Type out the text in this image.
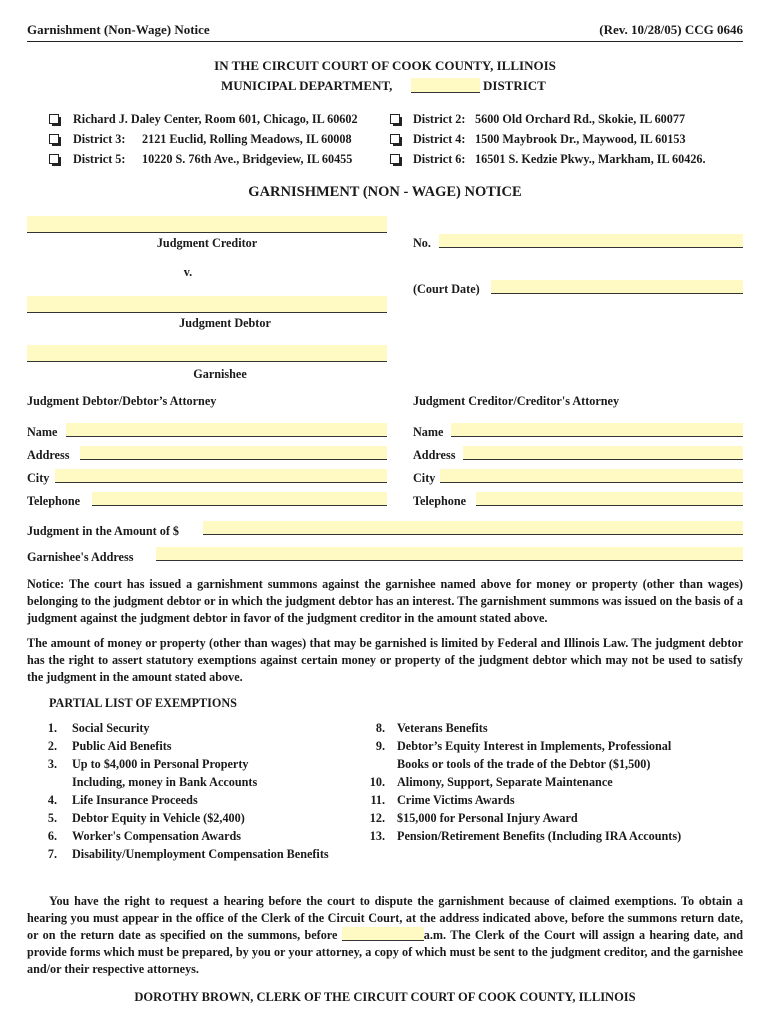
Garnishment (Non-Wage) Notice	(Rev. 10/28/05) CCG 0646
IN THE CIRCUIT COURT OF COOK COUNTY, ILLINOIS
MUNICIPAL DEPARTMENT,	DISTRICT
Richard J. Daley Center, Room 601, Chicago, IL 60602	District 2: 5600 Old Orchard Rd., Skokie, IL 60077
District 3: 2121 Euclid, Rolling Meadows, IL 60008	District 4: 1500 Maybrook Dr., Maywood, IL 60153
District 5: 10220 S. 76th Ave., Bridgeview, IL 60455	District 6: 16501 S. Kedzie Pkwy., Markham, IL 60426.
GARNISHMENT (NON - WAGE) NOTICE
Judgment Creditor	No.
v.
(Court Date)
Judgment Debtor
Garnishee
Judgment Debtor/Debtor’s Attorney	Judgment Creditor/Creditor's Attorney
Name	Name
Address	Address
City	City
Telephone	Telephone
Judgment in the Amount of $
Garnishee's Address
Notice: The court has issued a garnishment summons against the garnishee named above for money or property (other than wages) belonging to the judgment debtor or in which the judgment debtor has an interest. The garnishment summons was issued on the basis of a judgment against the judgment debtor in favor of the judgment creditor in the amount stated above.
The amount of money or property (other than wages) that may be garnished is limited by Federal and Illinois Law. The judgment debtor has the right to assert statutory exemptions against certain money or property of the judgment debtor which may not be used to satisfy the judgment in the amount stated above.
PARTIAL LIST OF EXEMPTIONS
1. Social Security
2. Public Aid Benefits
3. Up to $4,000 in Personal Property
Including, money in Bank Accounts
4. Life Insurance Proceeds
5. Debtor Equity in Vehicle ($2,400)
6. Worker's Compensation Awards
7. Disability/Unemployment Compensation Benefits
8. Veterans Benefits
9. Debtor’s Equity Interest in Implements, Professional
Books or tools of the trade of the Debtor ($1,500)
10. Alimony, Support, Separate Maintenance
11. Crime Victims Awards
12. $15,000 for Personal Injury Award
13. Pension/Retirement Benefits (Including IRA Accounts)
You have the right to request a hearing before the court to dispute the garnishment because of claimed exemptions. To obtain a hearing you must appear in the office of the Clerk of the Circuit Court, at the address indicated above, before the summons return date, or on the return date as specified on the summons, before	a.m. The Clerk of the Court will assign a hearing date, and provide forms which must be prepared, by you or your attorney, a copy of which must be sent to the judgment creditor, and the garnishee and/or their respective attorneys.
DOROTHY BROWN, CLERK OF THE CIRCUIT COURT OF COOK COUNTY, ILLINOIS
